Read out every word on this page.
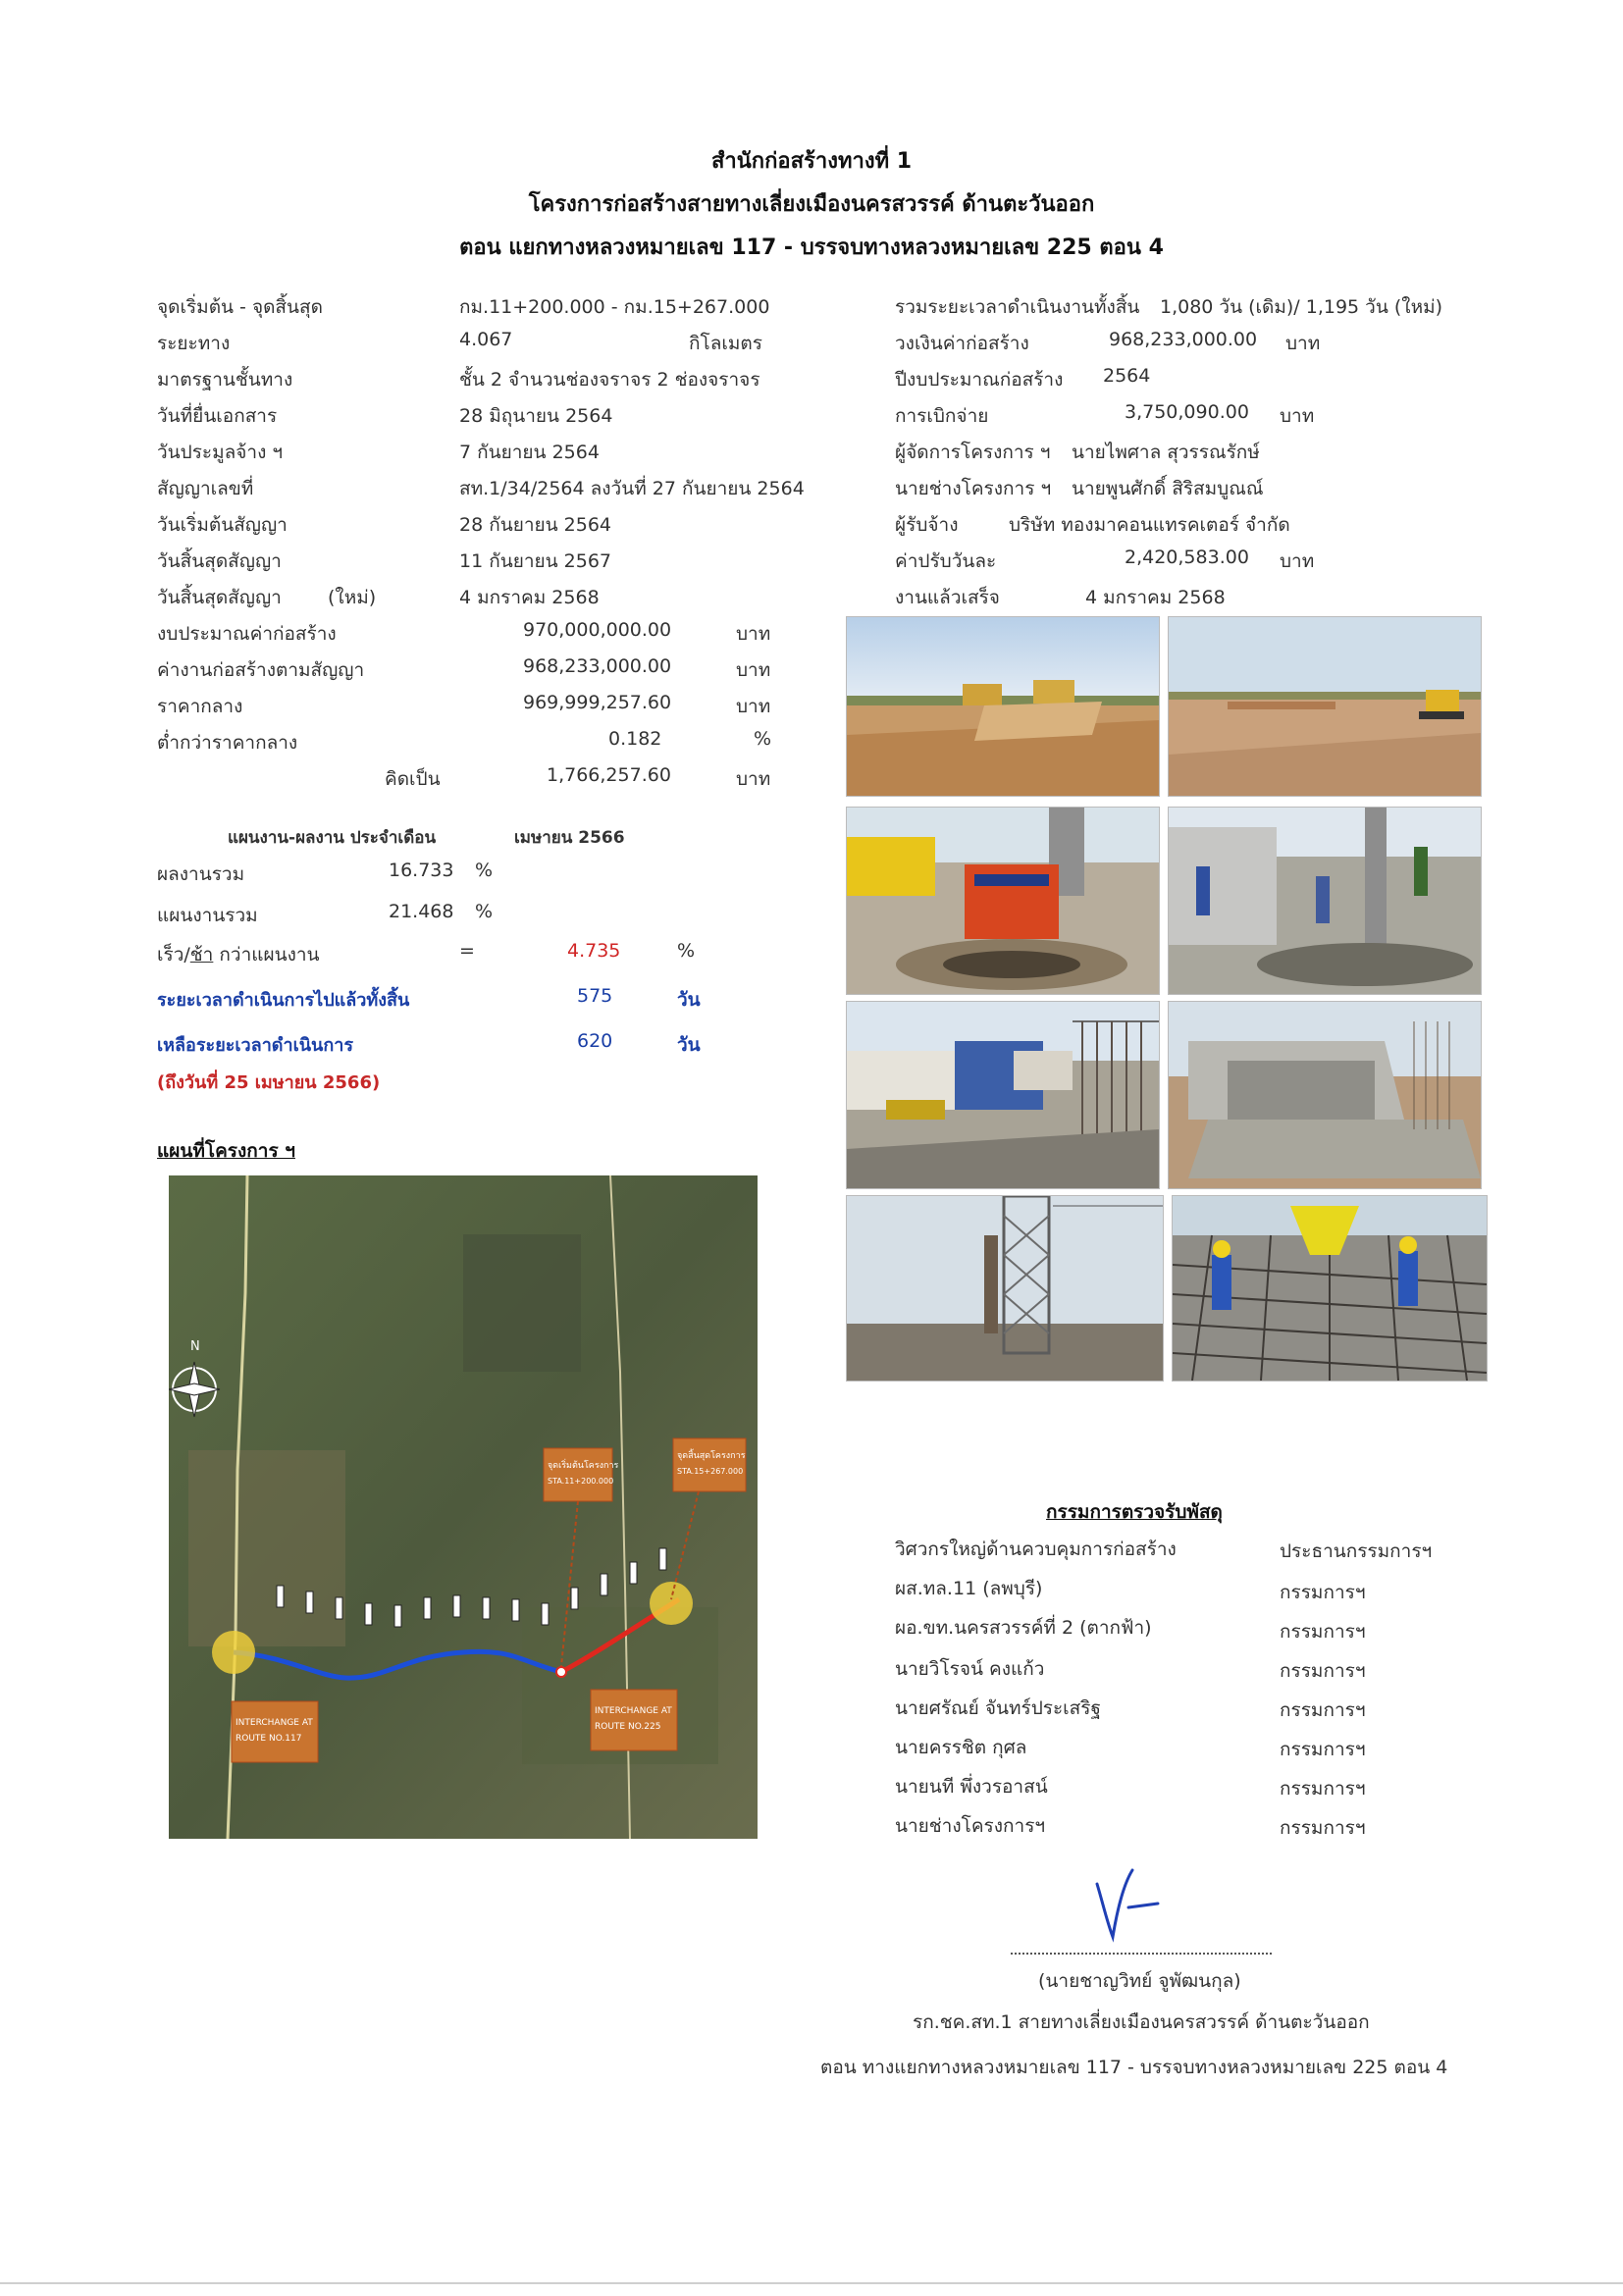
สำนักก่อสร้างทางที่ 1
โครงการก่อสร้างสายทางเลี่ยงเมืองนครสวรรค์ ด้านตะวันออก
ตอน แยกทางหลวงหมายเลข 117 - บรรจบทางหลวงหมายเลข 225 ตอน 4
จุดเริ่มต้น - จุดสิ้นสุด	กม.11+200.000 - กม.15+267.000
ระยะทาง	4.067	กิโลเมตร
มาตรฐานชั้นทาง	ชั้น 2 จำนวนช่องจราจร 2 ช่องจราจร
วันที่ยื่นเอกสาร	28 มิถุนายน 2564
วันประมูลจ้าง ฯ	7 กันยายน 2564
สัญญาเลขที่	สท.1/34/2564 ลงวันที่ 27 กันยายน 2564
วันเริ่มต้นสัญญา	28 กันยายน 2564
วันสิ้นสุดสัญญา	11 กันยายน 2567
วันสิ้นสุดสัญญา (ใหม่)	4 มกราคม 2568
งบประมาณค่าก่อสร้าง	970,000,000.00	บาท
ค่างานก่อสร้างตามสัญญา	968,233,000.00	บาท
ราคากลาง	969,999,257.60	บาท
ต่ำกว่าราคากลาง	0.182	%
คิดเป็น	1,766,257.60	บาท
รวมระยะเวลาดำเนินงานทั้งสิ้น 1,080 วัน (เดิม)/ 1,195 วัน (ใหม่)
วงเงินค่าก่อสร้าง	968,233,000.00 บาท
ปีงบประมาณก่อสร้าง 2564
การเบิกจ่าย	3,750,090.00 บาท
ผู้จัดการโครงการ ฯ นายไพศาล สุวรรณรักษ์
นายช่างโครงการ ฯ นายพูนศักดิ์ สิริสมบูณณ์
ผู้รับจ้าง	บริษัท ทองมาคอนแทรคเตอร์ จำกัด
ค่าปรับวันละ	2,420,583.00 บาท
งานแล้วเสร็จ	4 มกราคม 2568
แผนงาน-ผลงาน ประจำเดือน	เมษายน 2566
ผลงานรวม	16.733 %
แผนงานรวม	21.468 %
เร็ว/ช้า กว่าแผนงาน	=	4.735	%
ระยะเวลาดำเนินการไปแล้วทั้งสิ้น	575	วัน
เหลือระยะเวลาดำเนินการ	620	วัน
(ถึงวันที่ 25 เมษายน 2566)
แผนที่โครงการ ฯ
N
จุดเริ่มต้นโครงการ
STA.11+200.000
จุดสิ้นสุดโครงการ
STA.15+267.000
INTERCHANGE AT
ROUTE NO.117
INTERCHANGE AT
ROUTE NO.225
กรรมการตรวจรับพัสดุ
วิศวกรใหญ่ด้านควบคุมการก่อสร้าง	ประธานกรรมการฯ
ผส.ทล.11 (ลพบุรี)	กรรมการฯ
ผอ.ขท.นครสวรรค์ที่ 2 (ตากฟ้า)	กรรมการฯ
นายวิโรจน์ คงแก้ว	กรรมการฯ
นายศรัณย์ จันทร์ประเสริฐ	กรรมการฯ
นายครรชิต กุศล	กรรมการฯ
นายนที พึ่งวรอาสน์	กรรมการฯ
นายช่างโครงการฯ	กรรมการฯ
(นายชาญวิทย์ จูพัฒนกุล)
รก.ชค.สท.1 สายทางเลี่ยงเมืองนครสวรรค์ ด้านตะวันออก
ตอน ทางแยกทางหลวงหมายเลข 117 - บรรจบทางหลวงหมายเลข 225 ตอน 4
